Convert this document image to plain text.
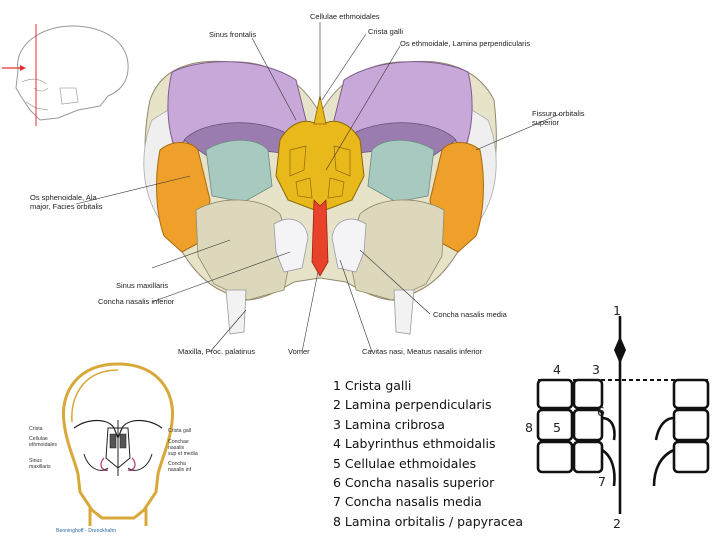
Cellulae ethmoidales
Sinus frontalis	Crista galli
Os ethmoidale, Lamina perpendicularis
Fissura orbitalis
superior
Os sphenoidale, Ala
major, Facies orbitalis
Sinus maxillaris
Concha nasalis inferior
Concha nasalis media
Maxilla, Proc. palatinus	Vomer	Cavitas nasi, Meatus nasalis inferior
Crista
Cellulae
ethmoidales
Sinus
maxillaris
Crista gall
Conchae
nasalis
sup et media
Concha
nasalis inf
Benninghoff · Drenckhahn
1 Crista galli
2 Lamina perpendicularis
3 Lamina cribrosa
4 Labyrinthus ethmoidalis
5 Cellulae ethmoidales
6 Concha nasalis superior
7 Concha nasalis media
8 Lamina orbitalis / papyracea
1
2
3
4
5
6
7
8
